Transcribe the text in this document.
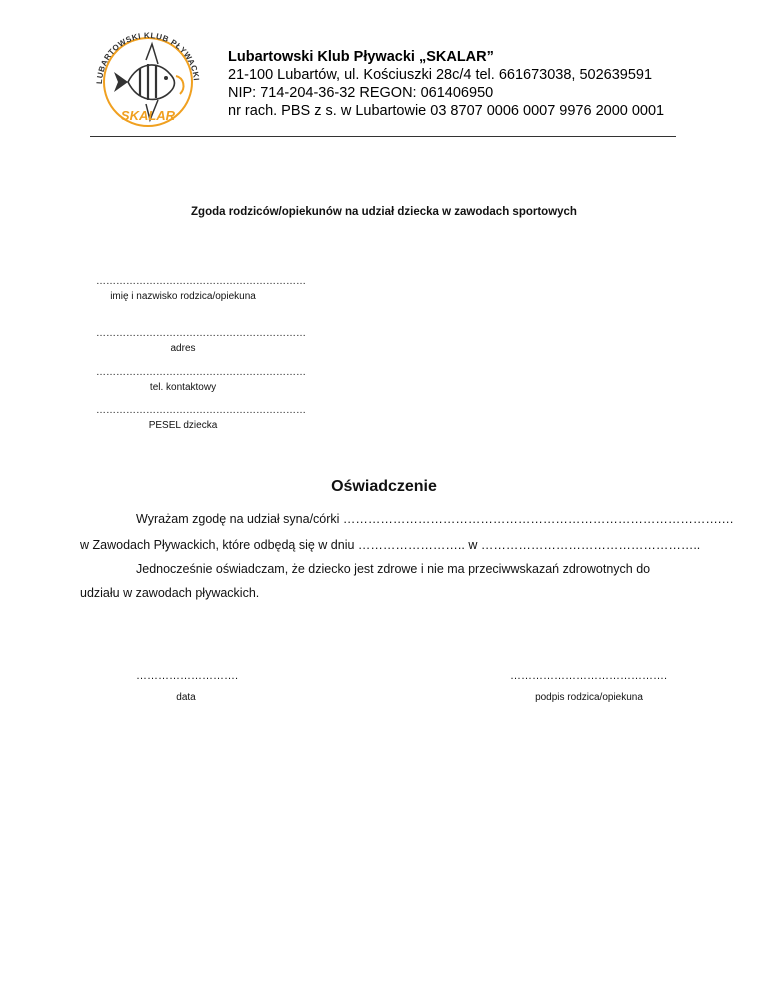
LUBARTOWSKI KLUB PŁYWACKI
SKALAR
Lubartowski Klub Pływacki „SKALAR”
21-100 Lubartów, ul. Kościuszki 28c/4 tel. 661673038, 502639591
NIP: 714-204-36-32 REGON: 061406950
nr rach. PBS z s. w Lubartowie 03 8707 0006 0007 9976 2000 0001
Zgoda rodziców/opiekunów na udział dziecka w zawodach sportowych
………………………………………………………
imię i nazwisko rodzica/opiekuna
………………………………………………………
adres
………………………………………………………
tel. kontaktowy
………………………………………………………
PESEL dziecka
Oświadczenie
Wyrażam zgodę na udział syna/córki ……………………………………………………………………………….…
w Zawodach Pływackich, które odbędą się w dniu …………………….. w ……………………………………………..
Jednocześnie oświadczam, że dziecko jest zdrowe i nie ma przeciwwskazań zdrowotnych do
udziału w zawodach pływackich.
……………………….
data
…………………………………….
podpis rodzica/opiekuna
